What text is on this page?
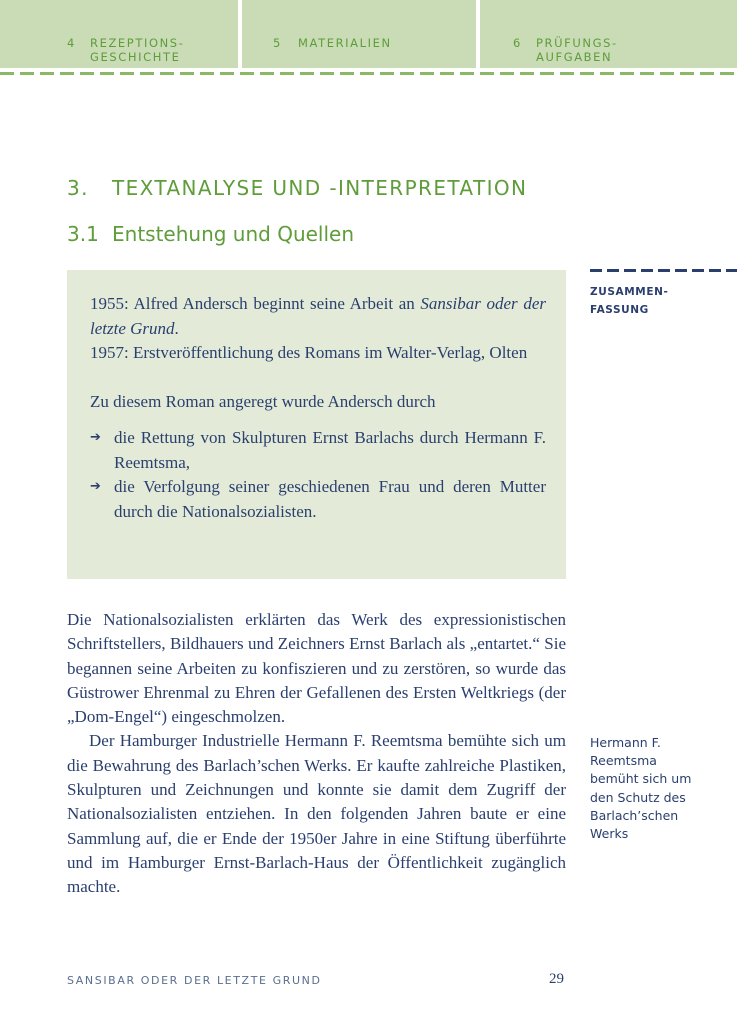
4 REZEPTIONS-
GESCHICHTE
5 MATERIALIEN	6 PRÜFUNGS-
AUFGABEN
3. TEXTANALYSE UND -INTERPRETATION
3.1 Entstehung und Quellen

1955: Alfred Andersch beginnt seine Arbeit an Sansibar oder der letzte Grund.

1957: Erstveröffentlichung des Romans im Walter-Verlag, Olten

Zu diesem Roman angeregt wurde Andersch durch

➔ die Rettung von Skulpturen Ernst Barlachs durch Hermann F. Reemtsma,
➔ die Verfolgung seiner geschiedenen Frau und deren Mutter durch die Nationalsozialisten.
ZUSAMMEN-
FASSUNG

Die Nationalsozialisten erklärten das Werk des expressionistischen Schriftstellers, Bildhauers und Zeichners Ernst Barlach als „entartet.“ Sie begannen seine Arbeiten zu konfiszieren und zu zerstören, so wurde das Güstrower Ehrenmal zu Ehren der Gefallenen des Ersten Weltkriegs (der „Dom-Engel“) eingeschmolzen.

Der Hamburger Industrielle Hermann F. Reemtsma bemühte sich um die Bewahrung des Barlach’schen Werks. Er kaufte zahlreiche Plastiken, Skulpturen und Zeichnungen und konnte sie damit dem Zugriff der Nationalsozialisten entziehen. In den folgenden Jahren baute er eine Sammlung auf, die er Ende der 1950er Jahre in eine Stiftung überführte und im Hamburger Ernst-Barlach-Haus der Öffentlichkeit zugänglich machte.

Hermann F.
Reemtsma
bemüht sich um
den Schutz des
Barlach’schen
Werks
SANSIBAR ODER DER LETZTE GRUND	29
